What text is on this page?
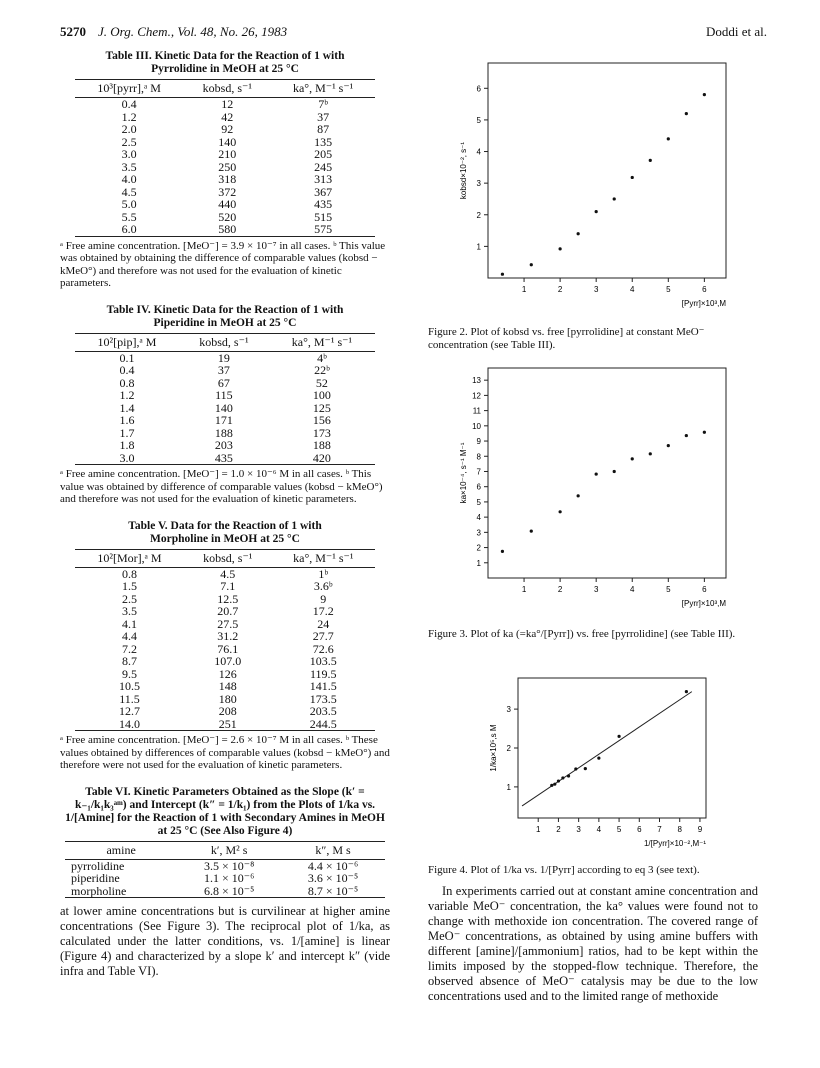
5270 J. Org. Chem., Vol. 48, No. 26, 1983	Doddi et al.
Table III. Kinetic Data for the Reaction of 1 with Pyrrolidine in MeOH at 25 °C
10³[pyrr],ᵃ M	kobsd, s⁻¹	ka°, M⁻¹ s⁻¹
0.4	12	7ᵇ
1.2	42	37
2.0	92	87
2.5	140	135
3.0	210	205
3.5	250	245
4.0	318	313
4.5	372	367
5.0	440	435
5.5	520	515
6.0	580	575
ᵃ Free amine concentration. [MeO⁻] = 3.9 × 10⁻⁷ in all cases. ᵇ This value was obtained by obtaining the difference of comparable values (kobsd − kMeO°) and therefore was not used for the evaluation of kinetic parameters.
Table IV. Kinetic Data for the Reaction of 1 with Piperidine in MeOH at 25 °C
10²[pip],ᵃ M	kobsd, s⁻¹	ka°, M⁻¹ s⁻¹
0.1	19	4ᵇ
0.4	37	22ᵇ
0.8	67	52
1.2	115	100
1.4	140	125
1.6	171	156
1.7	188	173
1.8	203	188
3.0	435	420
ᵃ Free amine concentration. [MeO⁻] = 1.0 × 10⁻⁶ M in all cases. ᵇ This value was obtained by difference of comparable values (kobsd − kMeO°) and therefore was not used for the evaluation of kinetic parameters.
Table V. Data for the Reaction of 1 with Morpholine in MeOH at 25 °C
10²[Mor],ᵃ M	kobsd, s⁻¹	ka°, M⁻¹ s⁻¹
0.8	4.5	1ᵇ
1.5	7.1	3.6ᵇ
2.5	12.5	9
3.5	20.7	17.2
4.1	27.5	24
4.4	31.2	27.7
7.2	76.1	72.6
8.7	107.0	103.5
9.5	126	119.5
10.5	148	141.5
11.5	180	173.5
12.7	208	203.5
14.0	251	244.5
ᵃ Free amine concentration. [MeO⁻] = 2.6 × 10⁻⁷ M in all cases. ᵇ These values obtained by differences of comparable values (kobsd − kMeO°) and therefore were not used for the evaluation of kinetic parameters.
Table VI. Kinetic Parameters Obtained as the Slope (k′ = k₋₁/k₁k₃ᵃᵐ) and Intercept (k″ = 1/k₁) from the Plots of 1/ka vs. 1/[Amine] for the Reaction of 1 with Secondary Amines in MeOH at 25 °C (See Also Figure 4)
amine	k′, M² s	k″, M s
pyrrolidine	3.5 × 10⁻⁸	4.4 × 10⁻⁶
piperidine	1.1 × 10⁻⁶	3.6 × 10⁻⁵
morpholine	6.8 × 10⁻⁵	8.7 × 10⁻⁵
at lower amine concentrations but is curvilinear at higher amine concentrations (See Figure 3). The reciprocal plot of 1/ka, as calculated under the latter conditions, vs. 1/[amine] is linear (Figure 4) and characterized by a slope k′ and intercept k″ (vide infra and Table VI).
1	2	3	4	5	6
1
2
3
4
5
6
[Pyrr]×10³,M
kobsd×10⁻², s⁻¹
Figure 2. Plot of kobsd vs. free [pyrrolidine] at constant MeO⁻ concentration (see Table III).
1	2	3	4	5	6
1
2
3
4
5
6
7
8
9
10
11
12
13
[Pyrr]×10³,M
ka×10⁻⁴, s⁻¹ M⁻¹
Figure 3. Plot of ka (=ka°/[Pyrr]) vs. free [pyrrolidine] (see Table III).
1 2 3 4 5 6 7 8 9
1
2
3
1/[Pyrr]×10⁻²,M⁻¹
1/ka×10⁵,s M
Figure 4. Plot of 1/ka vs. 1/[Pyrr] according to eq 3 (see text).
In experiments carried out at constant amine concentration and variable MeO⁻ concentration, the ka° values were found not to change with methoxide ion concentration. The covered range of MeO⁻ concentrations, as obtained by using amine buffers with different [amine]/[ammonium] ratios, had to be kept within the limits imposed by the stopped-flow technique. Therefore, the observed absence of MeO⁻ catalysis may be due to the low concentrations used and to the limited range of methoxide
